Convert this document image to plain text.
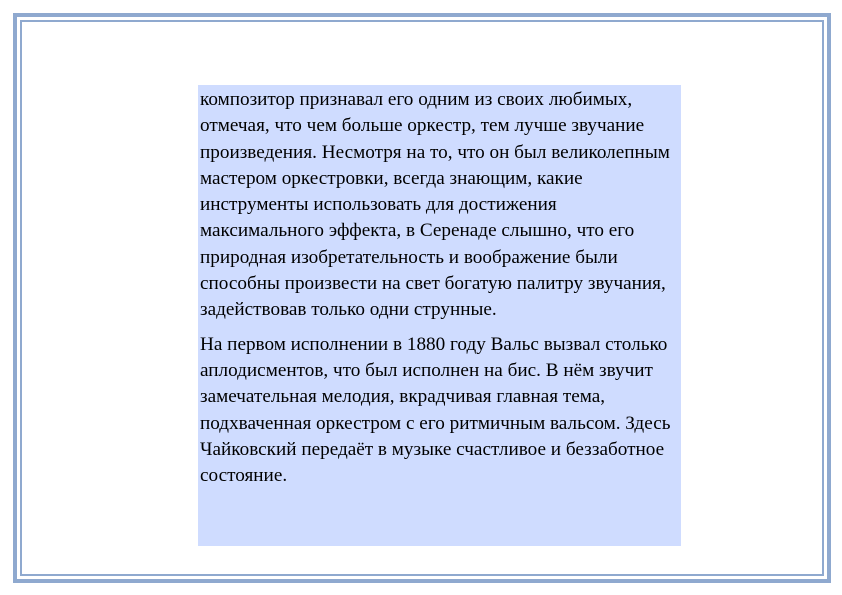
композитор признавал его одним из своих любимых, отмечая, что чем больше оркестр, тем лучше звучание произведения. Несмотря на то, что он был великолепным мастером оркестровки, всегда знающим, какие инструменты использовать для достижения максимального эффекта, в Серенаде слышно, что его природная изобретательность и воображение были способны произвести на свет богатую палитру звучания, задействовав только одни струнные.

На первом исполнении в 1880 году Вальс вызвал столько аплодисментов, что был исполнен на бис. В нём звучит замечательная мелодия, вкрадчивая главная тема, подхваченная оркестром с его ритмичным вальсом. Здесь Чайковский передаёт в музыке счастливое и беззаботное состояние.
